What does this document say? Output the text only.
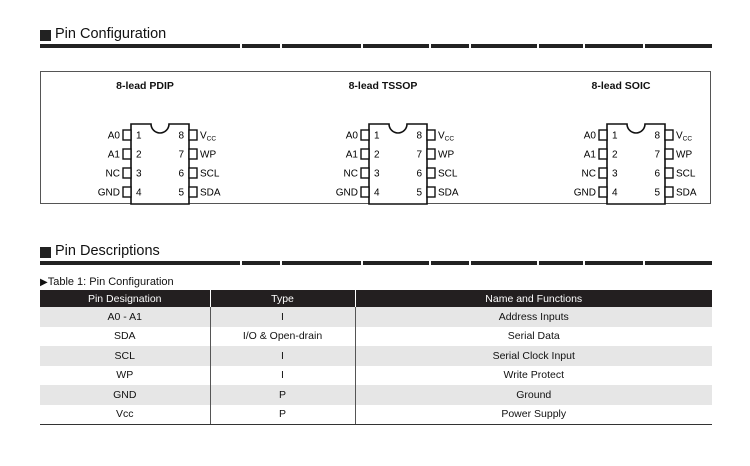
Pin Configuration
8-lead PDIP
1
A0
2
A1
3
NC
4
GND
8 $V_{CC}$
7 WP
6 SCL
5 SDA
8-lead TSSOP
1
A0
2
A1
3
NC
4
GND
8 $V_{CC}$
7 WP
6 SCL
5 SDA
8-lead SOIC
1
A0
2
A1
3
NC
4
GND
8 $V_{CC}$
7 WP
6 SCL
5 SDA
Pin Descriptions
▶Table 1: Pin Configuration
Pin Designation	Type	Name and Functions
A0 - A1	I	Address Inputs
SDA	I/O & Open-drain	Serial Data
SCL	I	Serial Clock Input
WP	I	Write Protect
GND	P	Ground
Vcc	P	Power Supply
